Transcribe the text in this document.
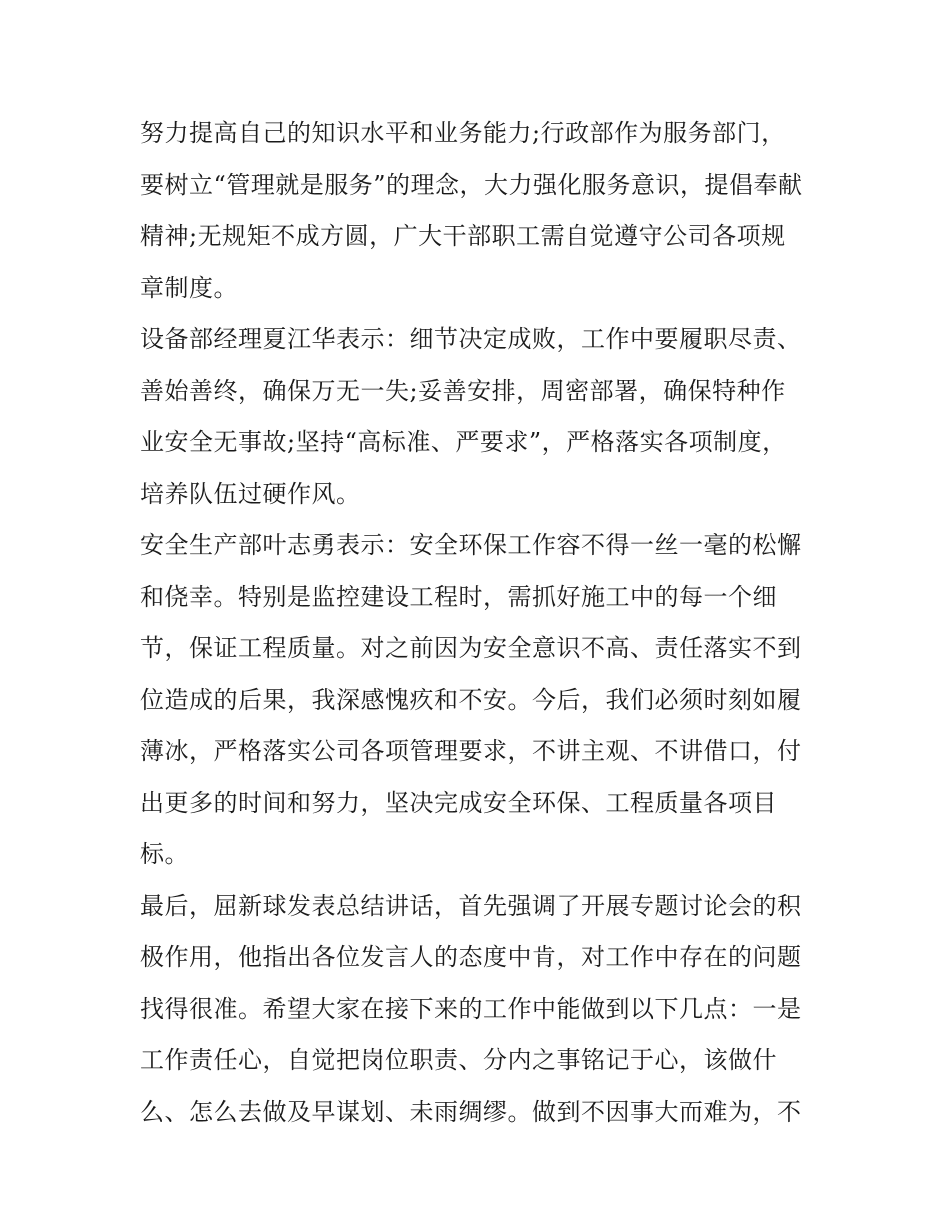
努力提高自己的知识水平和业务能力;行政部作为服务部门，
要树立“管理就是服务”的理念，大力强化服务意识，提倡奉献
精神;无规矩不成方圆，广大干部职工需自觉遵守公司各项规
章制度。
设备部经理夏江华表示：细节决定成败，工作中要履职尽责、
善始善终，确保万无一失;妥善安排，周密部署，确保特种作
业安全无事故;坚持“高标准、严要求”，严格落实各项制度，
培养队伍过硬作风。
安全生产部叶志勇表示：安全环保工作容不得一丝一毫的松懈
和侥幸。特别是监控建设工程时，需抓好施工中的每一个细
节，保证工程质量。对之前因为安全意识不高、责任落实不到
位造成的后果，我深感愧疚和不安。今后，我们必须时刻如履
薄冰，严格落实公司各项管理要求，不讲主观、不讲借口，付
出更多的时间和努力，坚决完成安全环保、工程质量各项目
标。
最后，屈新球发表总结讲话，首先强调了开展专题讨论会的积
极作用，他指出各位发言人的态度中肯，对工作中存在的问题
找得很准。希望大家在接下来的工作中能做到以下几点：一是
工作责任心，自觉把岗位职责、分内之事铭记于心，该做什
么、怎么去做及早谋划、未雨绸缪。做到不因事大而难为，不
